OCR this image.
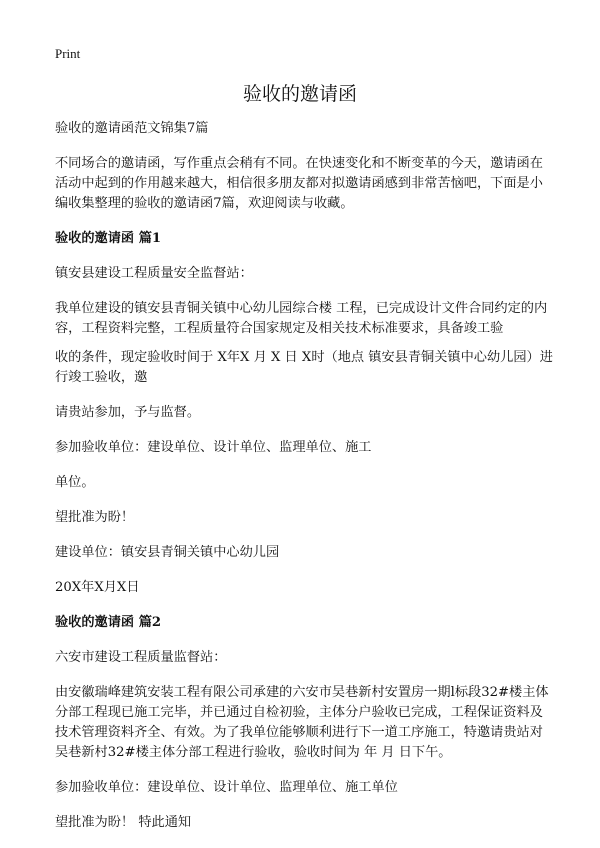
Print
验收的邀请函

验收的邀请函范文锦集7篇

不同场合的邀请函，写作重点会稍有不同。在快速变化和不断变革的今天，邀请函在活动中起到的作用越来越大，相信很多朋友都对拟邀请函感到非常苦恼吧，下面是小编收集整理的验收的邀请函7篇，欢迎阅读与收藏。

验收的邀请函 篇1

镇安县建设工程质量安全监督站：

我单位建设的镇安县青铜关镇中心幼儿园综合楼 工程，已完成设计文件合同约定的内容，工程资料完整，工程质量符合国家规定及相关技术标准要求，具备竣工验

收的条件，现定验收时间于 X年X 月 X 日 X时（地点 镇安县青铜关镇中心幼儿园）进行竣工验收，邀

请贵站参加，予与监督。

参加验收单位：建设单位、设计单位、监理单位、施工

单位。

望批准为盼！

建设单位：镇安县青铜关镇中心幼儿园

20X年X月X日

验收的邀请函 篇2

六安市建设工程质量监督站：

由安徽瑞峰建筑安装工程有限公司承建的六安市吴巷新村安置房一期l标段32#楼主体分部工程现已施工完毕，并已通过自检初验，主体分户验收已完成，工程保证资料及技术管理资料齐全、有效。为了我单位能够顺利进行下一道工序施工，特邀请贵站对吴巷新村32#楼主体分部工程进行验收，验收时间为 年 月 日下午。

参加验收单位：建设单位、设计单位、监理单位、施工单位

望批准为盼！ 特此通知
